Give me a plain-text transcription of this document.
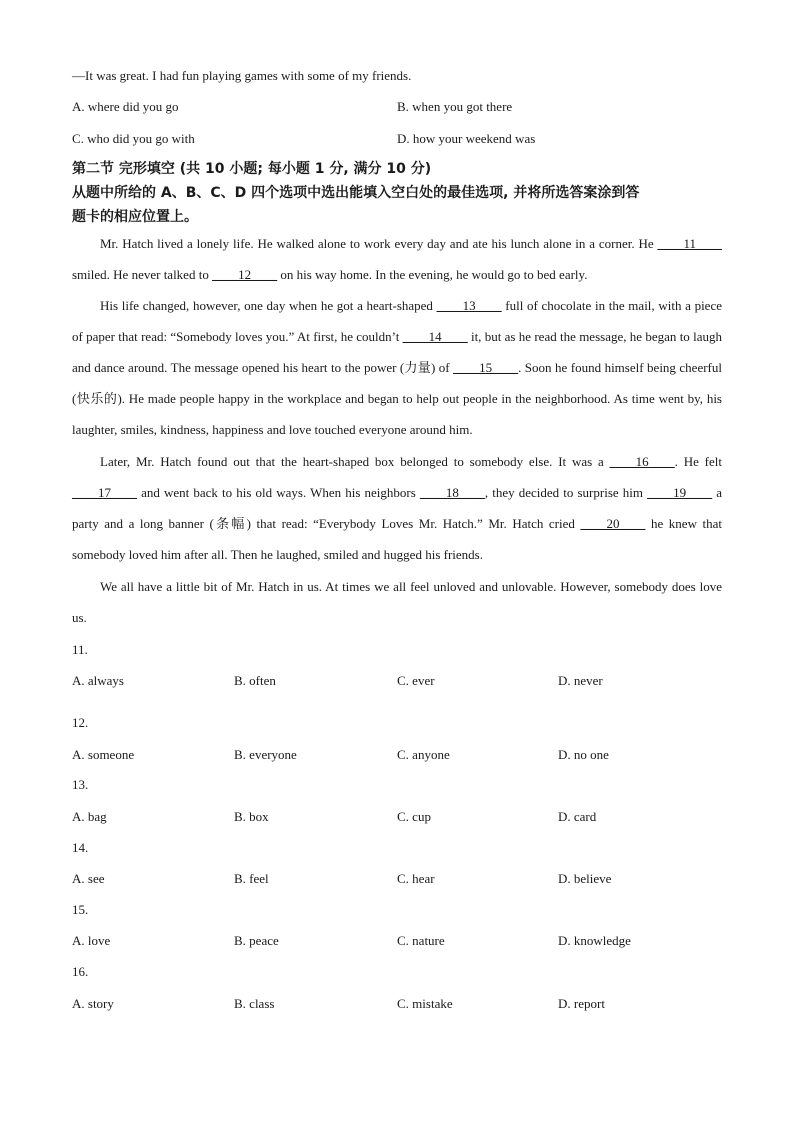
—It was great. I had fun playing games with some of my friends.
A. where did you go	B. when you got there
C. who did you go with	D. how your weekend was
第二节 完形填空 (共 10 小题; 每小题 1 分, 满分 10 分)
从题中所给的 A、B、C、D 四个选项中选出能填入空白处的最佳选项, 并将所选答案涂到答
题卡的相应位置上。
Mr. Hatch lived a lonely life. He walked alone to work every day and ate his lunch alone in a corner. He ____11____ smiled. He never talked to ____12____ on his way home. In the evening, he would go to bed early.
His life changed, however, one day when he got a heart-shaped ____13____ full of chocolate in the mail, with a piece of paper that read: “Somebody loves you.” At first, he couldn’t ____14____ it, but as he read the message, he began to laugh and dance around. The message opened his heart to the power (力量) of ____15____. Soon he found himself being cheerful (快乐的). He made people happy in the workplace and began to help out people in the neighborhood. As time went by, his laughter, smiles, kindness, happiness and love touched everyone around him.
Later, Mr. Hatch found out that the heart-shaped box belonged to somebody else. It was a ____16____. He felt ____17____ and went back to his old ways. When his neighbors ____18____, they decided to surprise him ____19____ a party and a long banner (条幅) that read: “Everybody Loves Mr. Hatch.” Mr. Hatch cried ____20____ he knew that somebody loved him after all. Then he laughed, smiled and hugged his friends.
We all have a little bit of Mr. Hatch in us. At times we all feel unloved and unlovable. However, somebody does love us.
11.
A. always	B. often	C. ever	D. never
12.
A. someone	B. everyone	C. anyone	D. no one
13.
A. bag	B. box	C. cup	D. card
14.
A. see	B. feel	C. hear	D. believe
15.
A. love	B. peace	C. nature	D. knowledge
16.
A. story	B. class	C. mistake	D. report
